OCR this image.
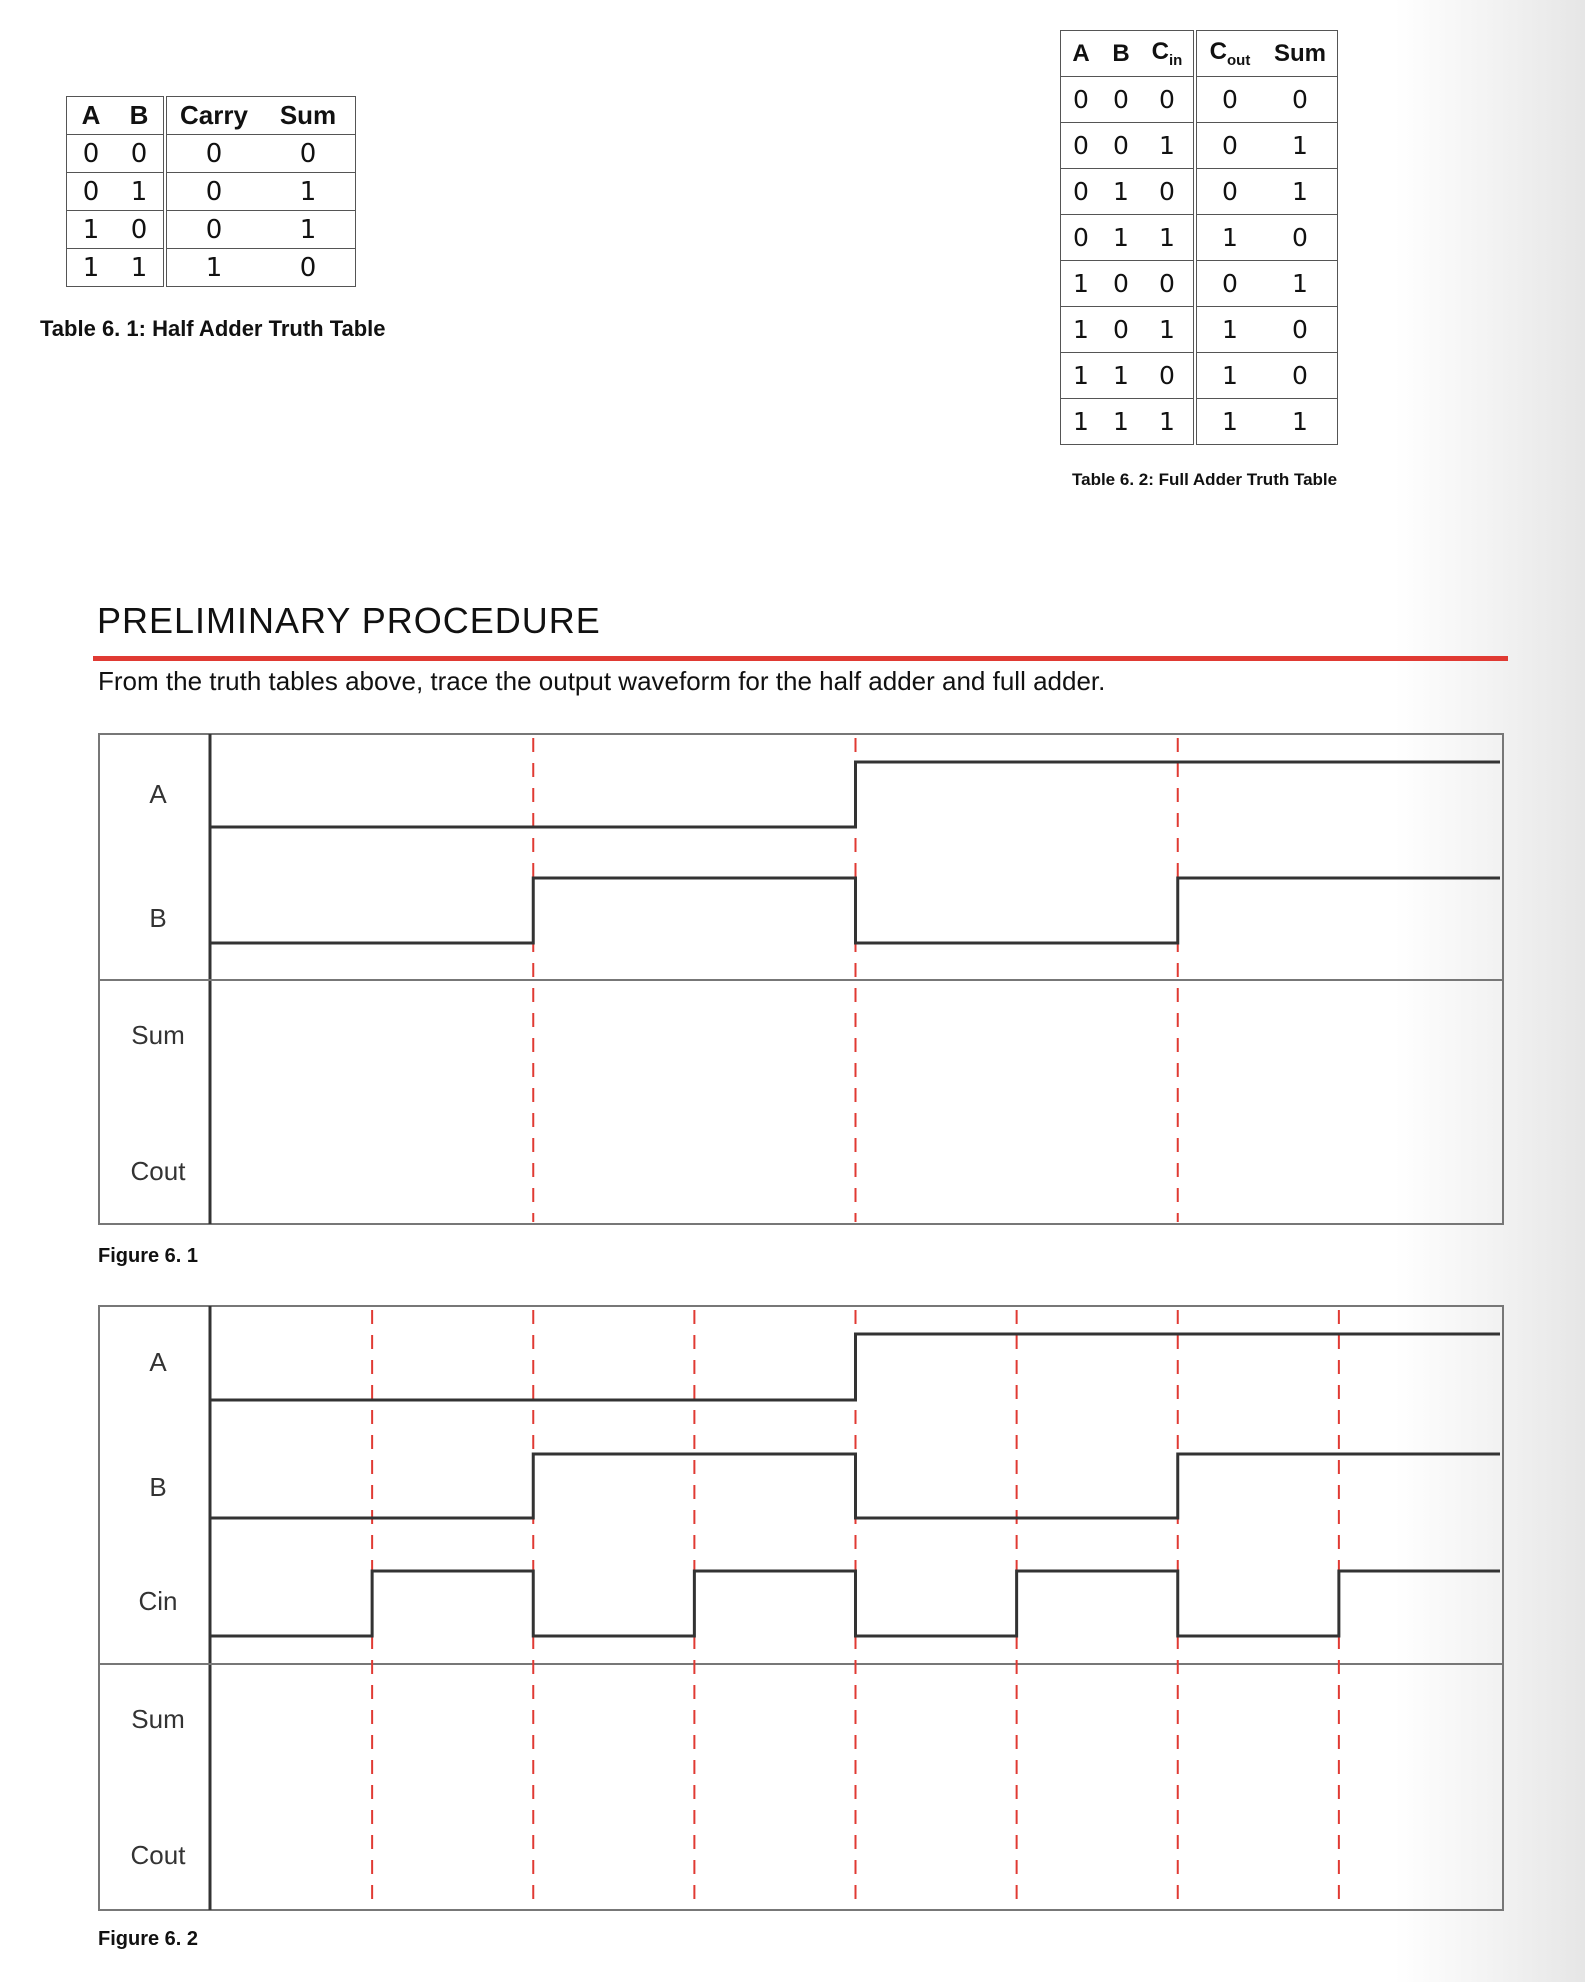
A	B	Carry	Sum
0	0	0	0
0	1	0	1
1	0	0	1
1	1	1	0
Table 6. 1: Half Adder Truth Table
A	B	$C_{in}$	$C_{out}$	Sum
0	0	0	0	0
0	0	1	0	1
0	1	0	0	1
0	1	1	1	0
1	0	0	0	1
1	0	1	1	0
1	1	0	1	0
1	1	1	1	1
Table 6. 2: Full Adder Truth Table
PRELIMINARY PROCEDURE
From the truth tables above, trace the output waveform for the half adder and full adder.
A
B
Sum
Cout
Figure 6. 1
A
B
Cin
Sum
Cout
Figure 6. 2
